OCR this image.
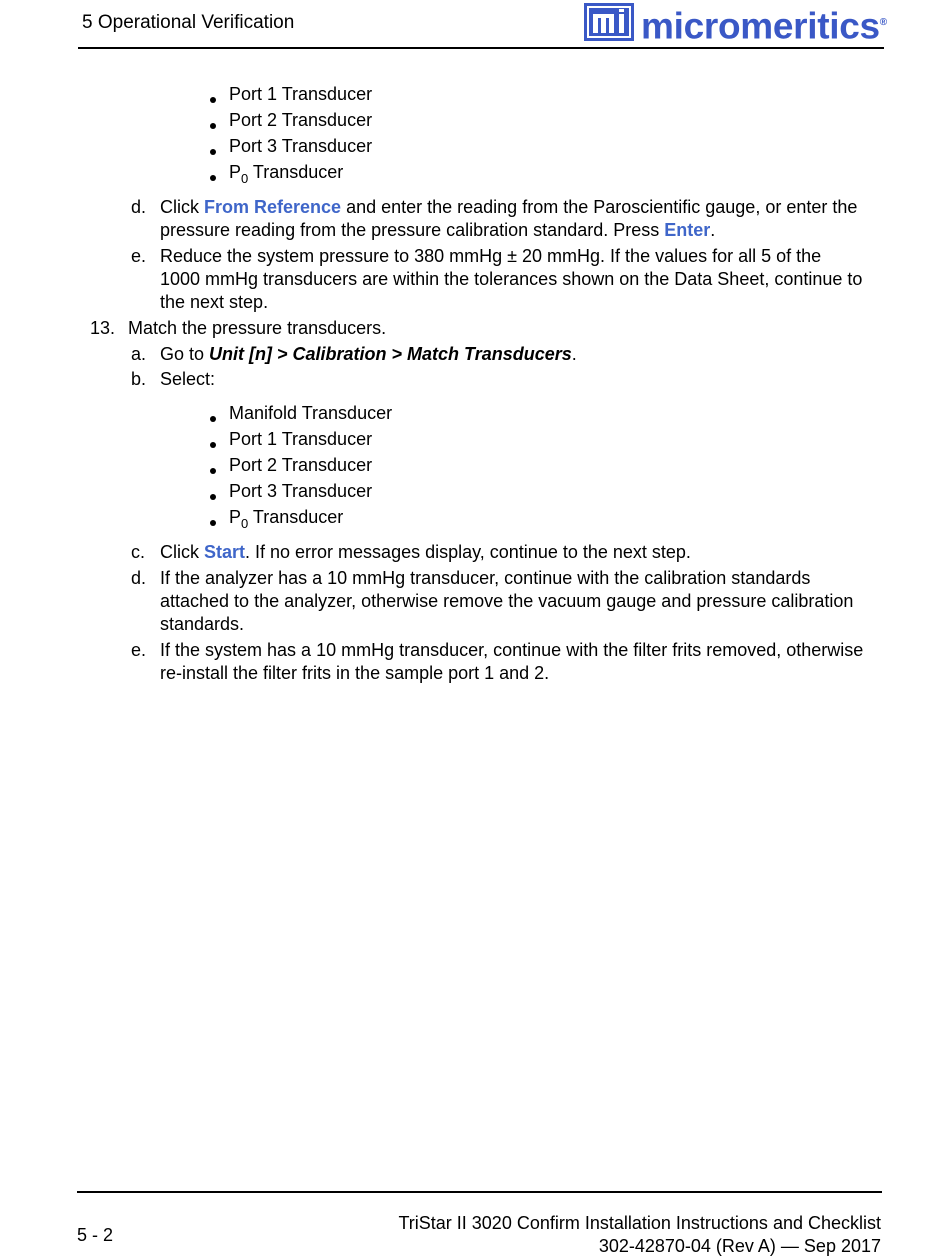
5 Operational Verification	micromeritics®
Port 1 Transducer
Port 2 Transducer
Port 3 Transducer
$P_0$ Transducer
d. Click From Reference and enter the reading from the Paroscientific gauge, or enter the
pressure reading from the pressure calibration standard. Press Enter.
e. Reduce the system pressure to 380 mmHg ± 20 mmHg. If the values for all 5 of the
1000 mmHg transducers are within the tolerances shown on the Data Sheet, continue to
the next step.
13. Match the pressure transducers.
a. Go to Unit [n] > Calibration > Match Transducers.
b. Select:
Manifold Transducer
Port 1 Transducer
Port 2 Transducer
Port 3 Transducer
$P_0$ Transducer
c. Click Start. If no error messages display, continue to the next step.
d. If the analyzer has a 10 mmHg transducer, continue with the calibration standards
attached to the analyzer, otherwise remove the vacuum gauge and pressure calibration
standards.
e. If the system has a 10 mmHg transducer, continue with the filter frits removed, otherwise
re-install the filter frits in the sample port 1 and 2.
5 - 2
TriStar II 3020 Confirm Installation Instructions and Checklist
302-42870-04 (Rev A) — Sep 2017
